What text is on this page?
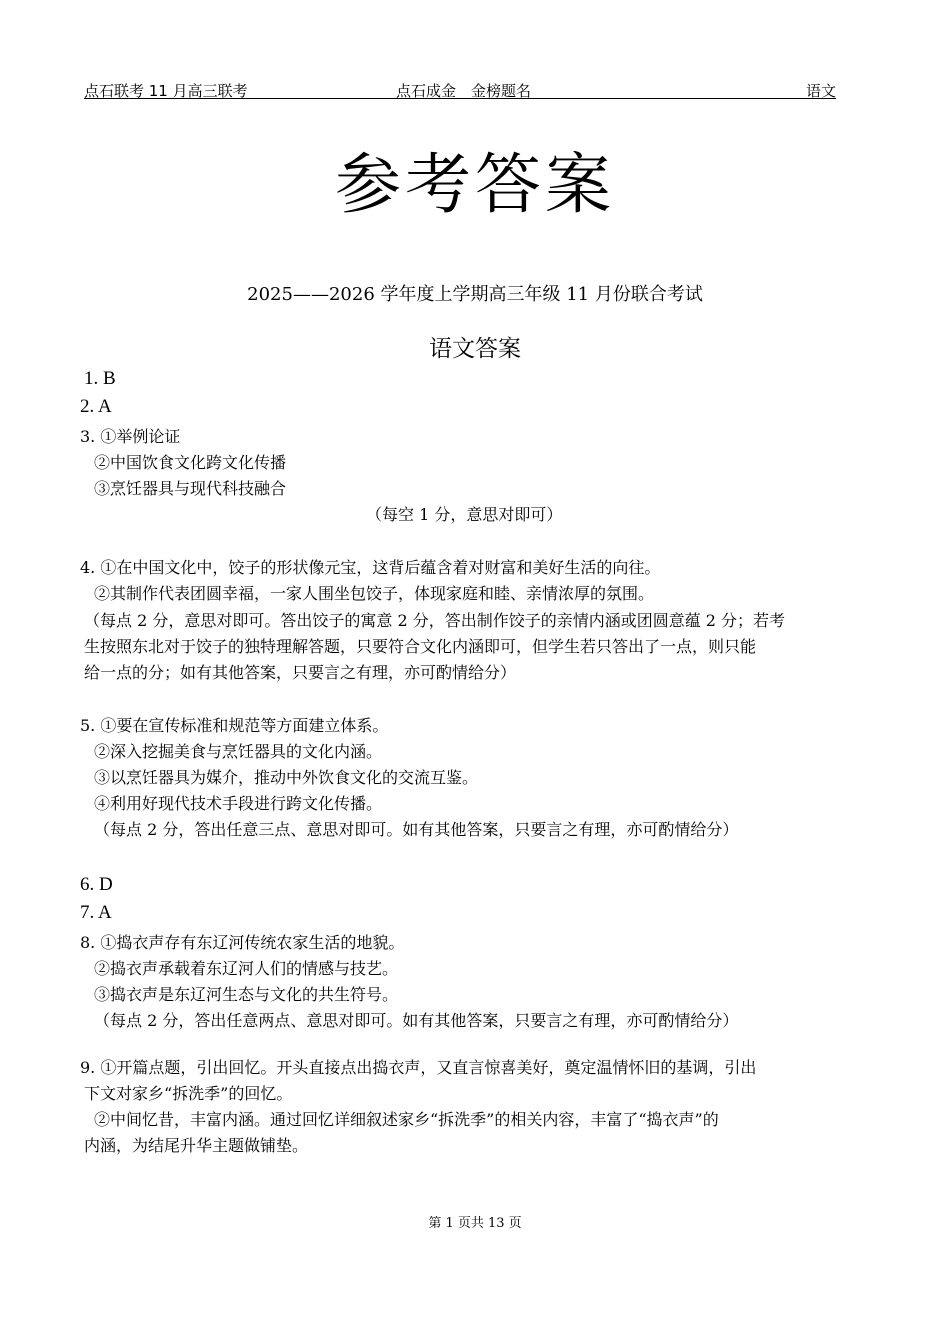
点石联考 11 月高三联考	点石成金　金榜题名	语文
参考答案
2025——2026 学年度上学期高三年级 11 月份联合考试
语文答案
1. B
2. A
3. ①举例论证
②中国饮食文化跨文化传播
③烹饪器具与现代科技融合
（每空 1 分，意思对即可）
4. ①在中国文化中，饺子的形状像元宝，这背后蕴含着对财富和美好生活的向往。
②其制作代表团圆幸福，一家人围坐包饺子，体现家庭和睦、亲情浓厚的氛围。
（每点 2 分，意思对即可。答出饺子的寓意 2 分，答出制作饺子的亲情内涵或团圆意蕴 2 分；若考
生按照东北对于饺子的独特理解答题，只要符合文化内涵即可，但学生若只答出了一点，则只能
给一点的分；如有其他答案，只要言之有理，亦可酌情给分）
5. ①要在宣传标准和规范等方面建立体系。
②深入挖掘美食与烹饪器具的文化内涵。
③以烹饪器具为媒介，推动中外饮食文化的交流互鉴。
④利用好现代技术手段进行跨文化传播。
（每点 2 分，答出任意三点、意思对即可。如有其他答案，只要言之有理，亦可酌情给分）
6. D
7. A
8. ①捣衣声存有东辽河传统农家生活的地貌。
②捣衣声承载着东辽河人们的情感与技艺。
③捣衣声是东辽河生态与文化的共生符号。
（每点 2 分，答出任意两点、意思对即可。如有其他答案，只要言之有理，亦可酌情给分）
9. ①开篇点题，引出回忆。开头直接点出捣衣声，又直言惊喜美好，奠定温情怀旧的基调，引出
下文对家乡“拆洗季”的回忆。
②中间忆昔，丰富内涵。通过回忆详细叙述家乡“拆洗季”的相关内容，丰富了“捣衣声”的
内涵，为结尾升华主题做铺垫。
第 1 页共 13 页
